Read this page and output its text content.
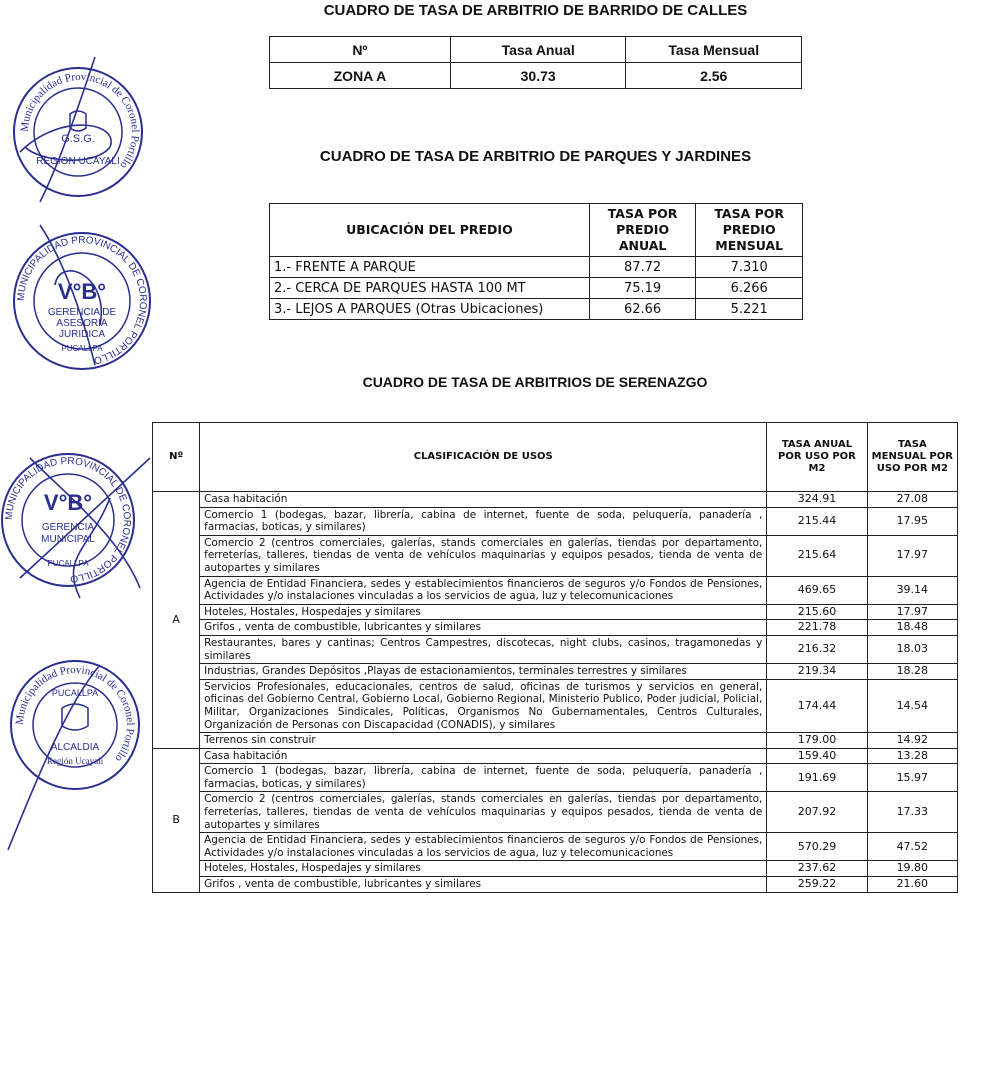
Municipalidad Provincial de Coronel Portillo
REGION UCAYALI
G.S.G.
MUNICIPALIDAD PROVINCIAL DE CORONEL PORTILLO
V°B°
GERENCIA DE
ASESORIA
JURIDICA
PUCALLPA
MUNICIPALIDAD PROVINCIAL DE CORONEL PORTILLO
V°B°
GERENCIA
MUNICIPAL
PUCALLPA
Municipalidad Provincial de Coronel Portillo
PUCALLPA
ALCALDIA
Región Ucayali
CUADRO DE TASA DE ARBITRIO DE BARRIDO DE CALLES
Nº	Tasa Anual	Tasa Mensual
ZONA A	30.73	2.56
CUADRO DE TASA DE ARBITRIO DE PARQUES Y JARDINES
UBICACIÓN DEL PREDIO	TASA POR PREDIO ANUAL	TASA POR PREDIO MENSUAL
1.- FRENTE A PARQUE	87.72	7.310
2.- CERCA DE PARQUES HASTA 100 MT	75.19	6.266
3.- LEJOS A PARQUES (Otras Ubicaciones)	62.66	5.221
CUADRO DE TASA DE ARBITRIOS DE SERENAZGO
Nº	CLASIFICACIÓN DE USOS	TASA ANUAL POR USO POR M2	TASA MENSUAL POR USO POR M2
A	Casa habitación	324.91	27.08
	Comercio 1 (bodegas, bazar, librería, cabina de internet, fuente de soda, peluquería, panadería , farmacias, boticas, y similares)	215.44	17.95
	Comercio 2 (centros comerciales, galerías, stands comerciales en galerías, tiendas por departamento, ferreterías, talleres, tiendas de venta de vehículos maquinarias y equipos pesados, tienda de venta de autopartes y similares	215.64	17.97
	Agencia de Entidad Financiera, sedes y establecimientos financieros de seguros y/o Fondos de Pensiones, Actividades y/o instalaciones vinculadas a los servicios de agua, luz y telecomunicaciones	469.65	39.14
	Hoteles, Hostales, Hospedajes y similares	215.60	17.97
	Grifos , venta de combustible, lubricantes y similares	221.78	18.48
	Restaurantes, bares y cantinas; Centros Campestres, discotecas, night clubs, casinos, tragamonedas y similares	216.32	18.03
	Industrias, Grandes Depósitos ,Playas de estacionamientos, terminales terrestres y similares	219.34	18.28
	Servicios Profesionales, educacionales, centros de salud, oficinas de turismos y servicios en general, oficinas del Gobierno Central, Gobierno Local, Gobierno Regional, Ministerio Publico, Poder judicial, Policial, Militar, Organizaciones Sindicales, Políticas, Organismos No Gubernamentales, Centros Culturales, Organización de Personas con Discapacidad (CONADIS), y similares	174.44	14.54
	Terrenos sin construir	179.00	14.92
B	Casa habitación	159.40	13.28
	Comercio 1 (bodegas, bazar, librería, cabina de internet, fuente de soda, peluquería, panadería , farmacias, boticas, y similares)	191.69	15.97
	Comercio 2 (centros comerciales, galerías, stands comerciales en galerías, tiendas por departamento, ferreterías, talleres, tiendas de venta de vehículos maquinarias y equipos pesados, tienda de venta de autopartes y similares	207.92	17.33
	Agencia de Entidad Financiera, sedes y establecimientos financieros de seguros y/o Fondos de Pensiones, Actividades y/o instalaciones vinculadas a los servicios de agua, luz y telecomunicaciones	570.29	47.52
	Hoteles, Hostales, Hospedajes y similares	237.62	19.80
	Grifos , venta de combustible, lubricantes y similares	259.22	21.60
